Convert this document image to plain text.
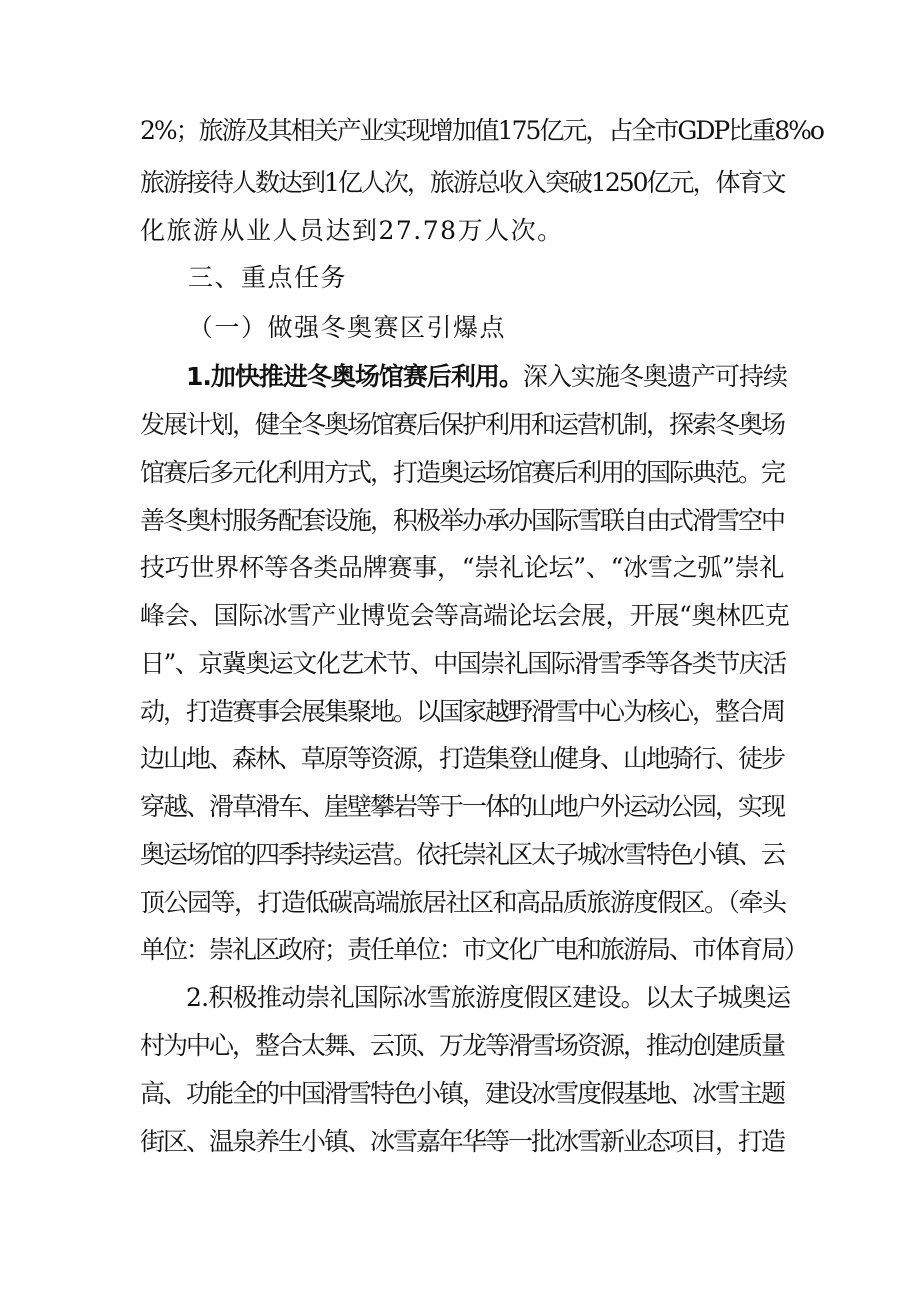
2%；旅游及其相关产业实现增加值175亿元，占全市GDP比重8%o
旅游接待人数达到1亿人次，旅游总收入突破1250亿元，体育文
化旅游从业人员达到27.78万人次。
三、重点任务
（一）做强冬奥赛区引爆点
1.加快推进冬奥场馆赛后利用。深入实施冬奥遗产可持续
发展计划，健全冬奥场馆赛后保护利用和运营机制，探索冬奥场
馆赛后多元化利用方式，打造奥运场馆赛后利用的国际典范。完
善冬奥村服务配套设施，积极举办承办国际雪联自由式滑雪空中
技巧世界杯等各类品牌赛事，“崇礼论坛”、“冰雪之弧”崇礼
峰会、国际冰雪产业博览会等高端论坛会展，开展“奥林匹克
日”、京冀奥运文化艺术节、中国崇礼国际滑雪季等各类节庆活
动，打造赛事会展集聚地。以国家越野滑雪中心为核心，整合周
边山地、森林、草原等资源，打造集登山健身、山地骑行、徒步
穿越、滑草滑车、崖壁攀岩等于一体的山地户外运动公园，实现
奥运场馆的四季持续运营。依托崇礼区太子城冰雪特色小镇、云
顶公园等，打造低碳高端旅居社区和高品质旅游度假区。（牵头
单位：崇礼区政府；责任单位：市文化广电和旅游局、市体育局）
2.积极推动崇礼国际冰雪旅游度假区建设。以太子城奥运
村为中心，整合太舞、云顶、万龙等滑雪场资源，推动创建质量
高、功能全的中国滑雪特色小镇，建设冰雪度假基地、冰雪主题
街区、温泉养生小镇、冰雪嘉年华等一批冰雪新业态项目，打造
